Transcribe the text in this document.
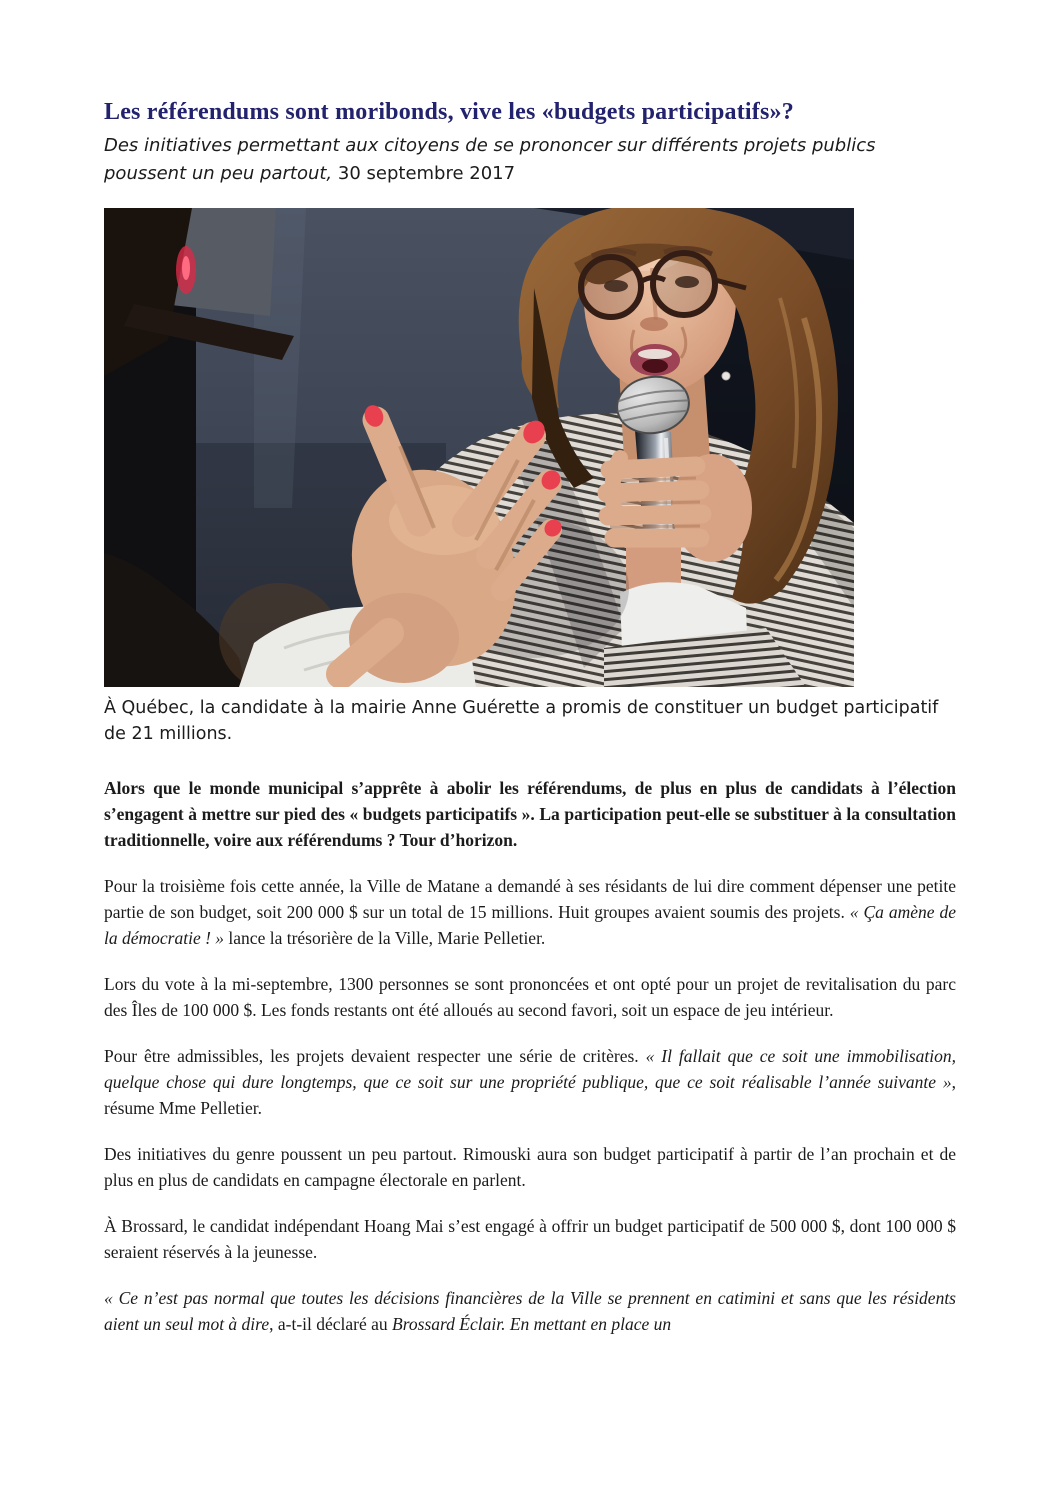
Les référendums sont moribonds, vive les «budgets participatifs»?

Des initiatives permettant aux citoyens de se prononcer sur différents projets publics poussent un peu partout, 30 septembre 2017

À Québec, la candidate à la mairie Anne Guérette a promis de constituer un budget participatif de 21 millions.

Alors que le monde municipal s’apprête à abolir les référendums, de plus en plus de candidats à l’élection s’engagent à mettre sur pied des « budgets participatifs ». La participation peut-elle se substituer à la consultation traditionnelle, voire aux référendums ? Tour d’horizon.

Pour la troisième fois cette année, la Ville de Matane a demandé à ses résidants de lui dire comment dépenser une petite partie de son budget, soit 200 000 $ sur un total de 15 millions. Huit groupes avaient soumis des projets. « Ça amène de la démocratie ! » lance la trésorière de la Ville, Marie Pelletier.

Lors du vote à la mi-septembre, 1300 personnes se sont prononcées et ont opté pour un projet de revitalisation du parc des Îles de 100 000 $. Les fonds restants ont été alloués au second favori, soit un espace de jeu intérieur.

Pour être admissibles, les projets devaient respecter une série de critères. « Il fallait que ce soit une immobilisation, quelque chose qui dure longtemps, que ce soit sur une propriété publique, que ce soit réalisable l’année suivante », résume Mme Pelletier.

Des initiatives du genre poussent un peu partout. Rimouski aura son budget participatif à partir de l’an prochain et de plus en plus de candidats en campagne électorale en parlent.

À Brossard, le candidat indépendant Hoang Mai s’est engagé à offrir un budget participatif de 500 000 $, dont 100 000 $ seraient réservés à la jeunesse.

« Ce n’est pas normal que toutes les décisions financières de la Ville se prennent en catimini et sans que les résidents aient un seul mot à dire, a-t-il déclaré au Brossard Éclair. En mettant en place un
